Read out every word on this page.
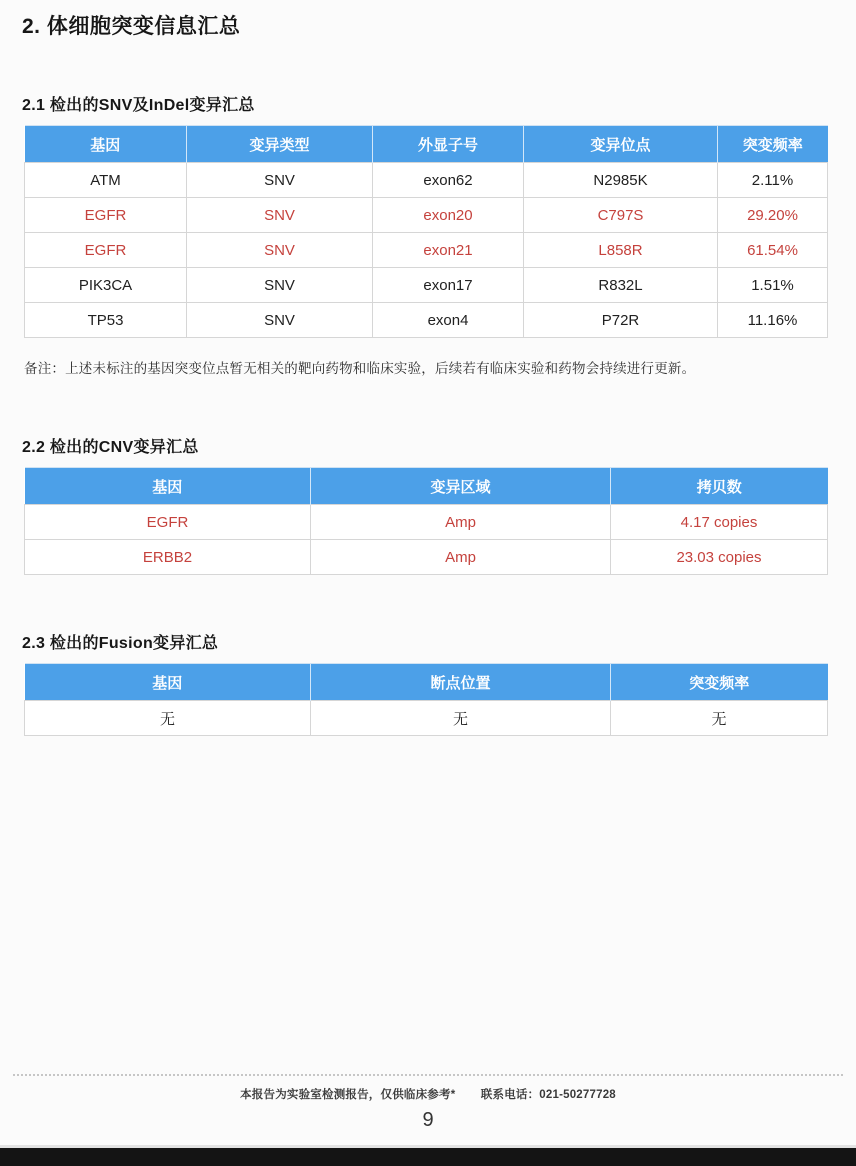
2. 体细胞突变信息汇总
2.1 检出的SNV及InDel变异汇总
基因	变异类型	外显子号	变异位点	突变频率
ATM	SNV	exon62	N2985K	2.11%
EGFR	SNV	exon20	C797S	29.20%
EGFR	SNV	exon21	L858R	61.54%
PIK3CA	SNV	exon17	R832L	1.51%
TP53	SNV	exon4	P72R	11.16%

备注：上述未标注的基因突变位点暂无相关的靶向药物和临床实验，后续若有临床实验和药物会持续进行更新。

2.2 检出的CNV变异汇总
基因	变异区域	拷贝数
EGFR	Amp	4.17 copies
ERBB2	Amp	23.03 copies
2.3 检出的Fusion变异汇总
基因	断点位置	突变频率
无	无	无
本报告为实验室检测报告，仅供临床参考* 联系电话：021-50277728
9
